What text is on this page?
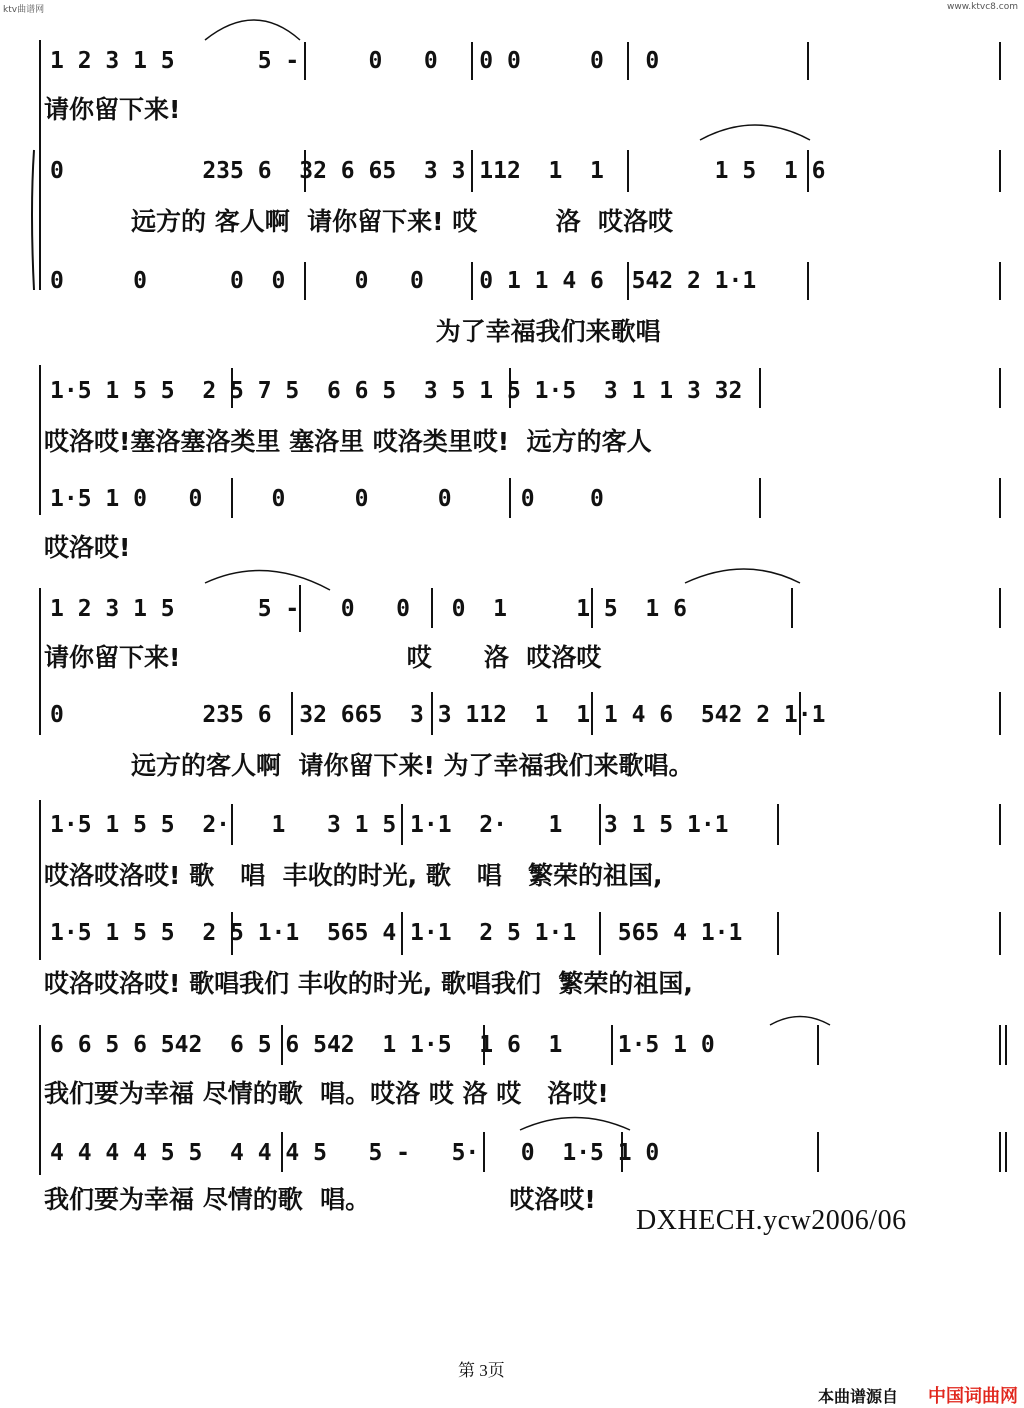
ktv曲谱网	www.ktvc8.com
1 2 3 1 5      5 -     0   0   0 0     0   0
请你留下来!
0          235 6  32 6 65  3 3 112  1  1        1 5  1 6
远方的 客人啊  请你留下来! 哎         洛  哎洛哎
0     0      0  0     0   0    0 1 1 4 6  542 2 1·1
为了幸福我们来歌唱
1·5 1 5 5  2 5 7 5  6 6 5  3 5 1 5 1·5  3 1 1 3 32
哎洛哎!塞洛塞洛类里 塞洛里 哎洛类里哎!  远方的客人
1·5 1 0   0     0     0     0     0    0
哎洛哎!
1 2 3 1 5      5 -   0   0   0  1     1 5  1 6
请你留下来!                          哎      洛  哎洛哎
0          235 6  32 665  3 3 112  1  1 1 4 6  542 2 1·1
远方的客人啊  请你留下来! 为了幸福我们来歌唱。
1·5 1 5 5  2·   1   3 1 5 1·1  2·   1   3 1 5 1·1
哎洛哎洛哎! 歌   唱  丰收的时光, 歌   唱   繁荣的祖国,
1·5 1 5 5  2 5 1·1  565 4 1·1  2 5 1·1   565 4 1·1
哎洛哎洛哎! 歌唱我们 丰收的时光, 歌唱我们  繁荣的祖国,
6 6 5 6 542  6 5 6 542  1 1·5  1 6  1    1·5 1 0
我们要为幸福 尽情的歌  唱。哎洛 哎 洛 哎   洛哎!
4 4 4 4 5 5  4 4 4 5   5 -   5·   0  1·5 1 0
我们要为幸福 尽情的歌  唱。                哎洛哎!
DXHECH.ycw2006/06
第 3页
本曲谱源自 中国词曲网
